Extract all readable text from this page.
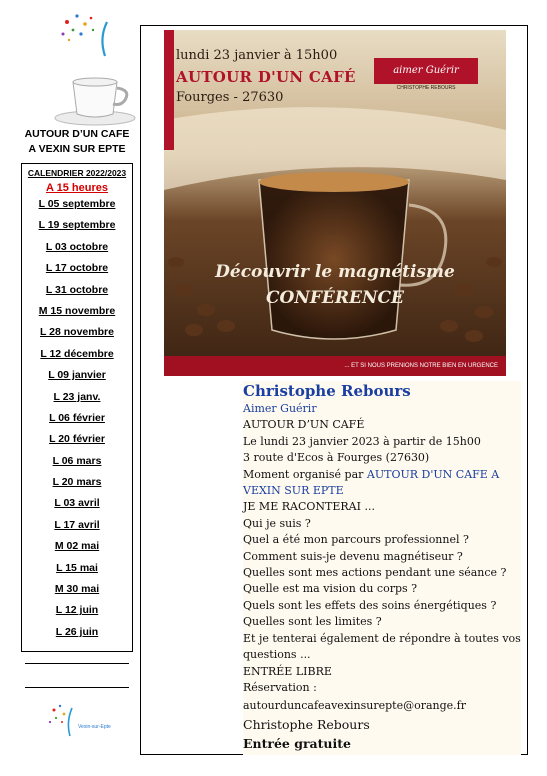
AUTOUR D’UN CAFE
A VEXIN SUR EPTE
CALENDRIER 2022/2023
A 15 heures
L 05 septembre
L 19 septembre
L 03 octobre
L 17 octobre
L 31 octobre
M 15 novembre
L 28 novembre
L 12 décembre
L 09 janvier
L 23 janv.
L 06 février
L 20 février
L 06 mars
L 20 mars
L 03 avril
L 17 avril
M 02 mai
L 15 mai
M 30 mai
L 12 juin
L 26 juin
Vexin-sur-Epte
lundi 23 janvier à 15h00
AUTOUR D'UN CAFÉ
Fourges - 27630
aimer Guérir
CHRISTOPHE REBOURS
Découvrir le magnétisme
CONFÉRENCE
... ET SI NOUS PRENIONS NOTRE BIEN EN URGENCE
Christophe Rebours
Aimer Guérir
AUTOUR D’UN CAFÉ
Le lundi 23 janvier 2023 à partir de 15h00
3 route d'Ecos à Fourges (27630)
Moment organisé par AUTOUR D'UN CAFE A VEXIN SUR EPTE
JE ME RACONTERAI ...
Qui je suis ?
Quel a été mon parcours professionnel ?
Comment suis-je devenu magnétiseur ?
Quelles sont mes actions pendant une séance ?
Quelle est ma vision du corps ?
Quels sont les effets des soins énergétiques ?
Quelles sont les limites ?
Et je tenterai également de répondre à toutes vos questions ...
ENTRÉE LIBRE
Réservation :
autourduncafeavexinsurepte@orange.fr
Christophe Rebours
Entrée gratuite
